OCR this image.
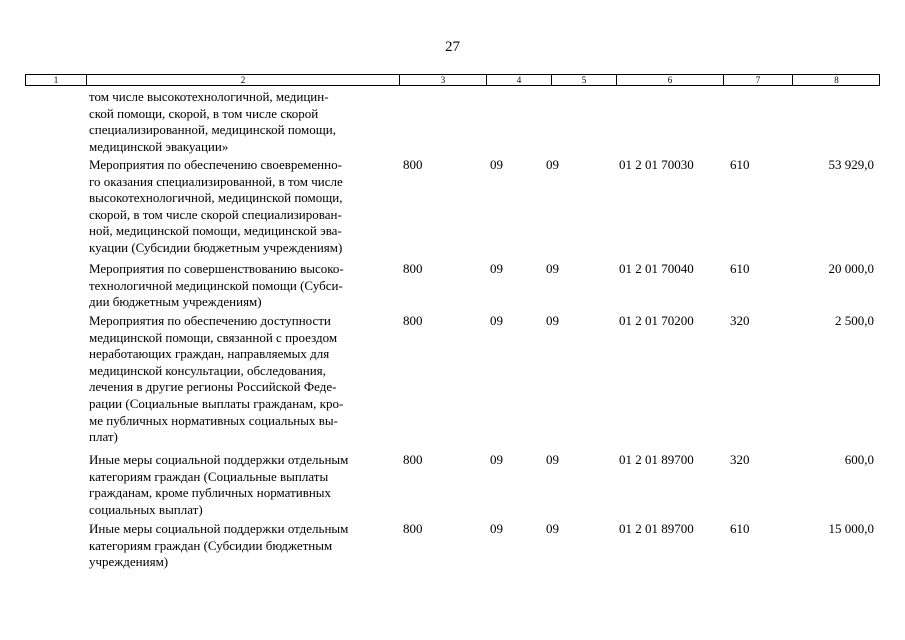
27
1	2	3	4	5	6	7	8
том числе высокотехнологичной, медицин-
ской помощи, скорой, в том числе скорой
специализированной, медицинской помощи,
медицинской эвакуации»
Мероприятия по обеспечению своевременно-
го оказания специализированной, в том числе
высокотехнологичной, медицинской помощи,
скорой, в том числе скорой специализирован-
ной, медицинской помощи, медицинской эва-
куации (Субсидии бюджетным учреждениям)
800	09	09	01 2 01 70030	610	53 929,0
Мероприятия по совершенствованию высоко-
технологичной медицинской помощи (Субси-
дии бюджетным учреждениям)
800	09	09	01 2 01 70040	610	20 000,0
Мероприятия по обеспечению доступности
медицинской помощи, связанной с проездом
неработающих граждан, направляемых для
медицинской консультации, обследования,
лечения в другие регионы Российской Феде-
рации (Социальные выплаты гражданам, кро-
ме публичных нормативных социальных вы-
плат)
800	09	09	01 2 01 70200	320	2 500,0
Иные меры социальной поддержки отдельным
категориям граждан (Социальные выплаты
гражданам, кроме публичных нормативных
социальных выплат)
800	09	09	01 2 01 89700	320	600,0
Иные меры социальной поддержки отдельным
категориям граждан (Субсидии бюджетным
учреждениям)
800	09	09	01 2 01 89700	610	15 000,0
